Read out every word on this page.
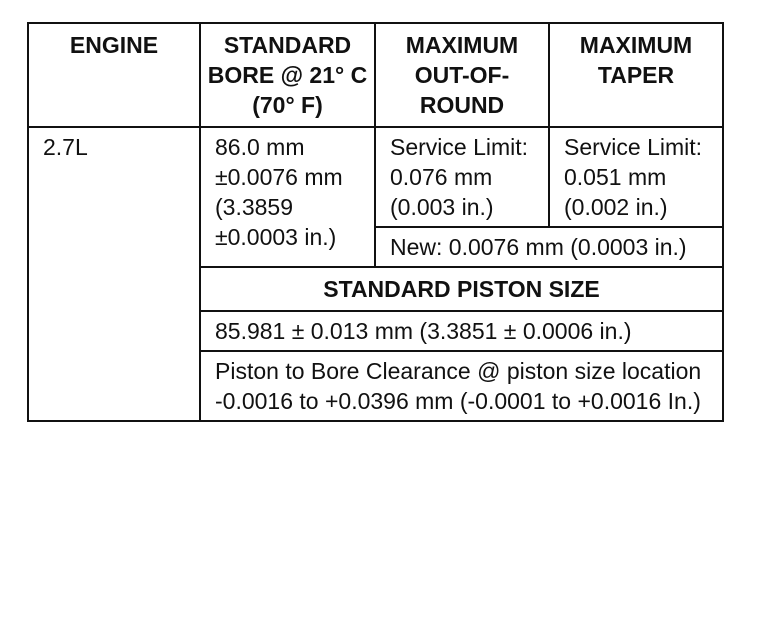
ENGINE	STANDARD BORE @ 21° C (70° F)	MAXIMUM OUT-OF-ROUND	MAXIMUM TAPER
2.7L	86.0 mm ±0.0076 mm (3.3859 ±0.0003 in.)	Service Limit: 0.076 mm (0.003 in.)	Service Limit: 0.051 mm (0.002 in.)
		New: 0.0076 mm (0.0003 in.)	
	STANDARD PISTON SIZE		
	85.981 ± 0.013 mm (3.3851 ± 0.0006 in.)		
	Piston to Bore Clearance @ piston size location -0.0016 to +0.0396 mm (-0.0001 to +0.0016 In.)		
